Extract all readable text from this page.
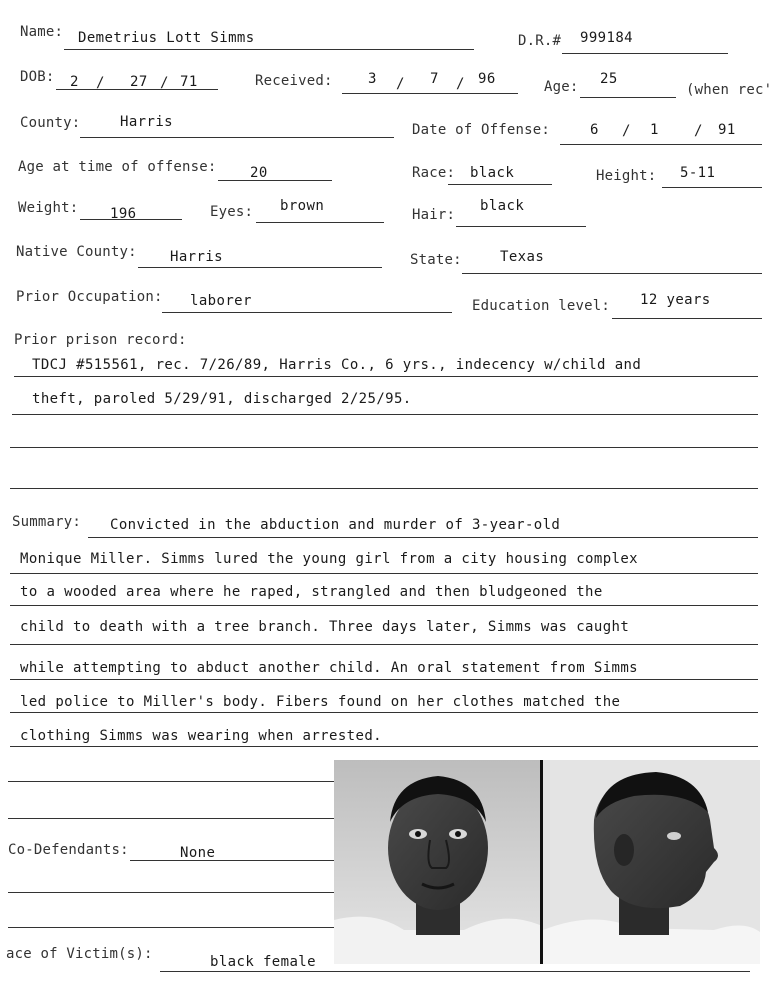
Name: Demetrius Lott Simms	D.R.# 999184
DOB: 2 / 27 / 71	Received:	3 / 7 / 96	Age: 25
(when rec'
County:	Harris	Date of Offense:	6 / 1	/ 91
Age at time of offense: 20	Race: black	Height: 5-11
Weight: 196	Eyes: brown
Hair:
black
Native County: Harris	State:	Texas
Prior Occupation: laborer	Education level: 12 years
Prior prison record:
TDCJ #515561, rec. 7/26/89, Harris Co., 6 yrs., indecency w/child and
theft, paroled 5/29/91, discharged 2/25/95.
Summary: Convicted in the abduction and murder of 3-year-old
Monique Miller. Simms lured the young girl from a city housing complex
to a wooded area where he raped, strangled and then bludgeoned the
child to death with a tree branch. Three days later, Simms was caught
while attempting to abduct another child. An oral statement from Simms
led police to Miller's body. Fibers found on her clothes matched the
clothing Simms was wearing when arrested.
Co-Defendants:	None
ace of Victim(s):	black female
